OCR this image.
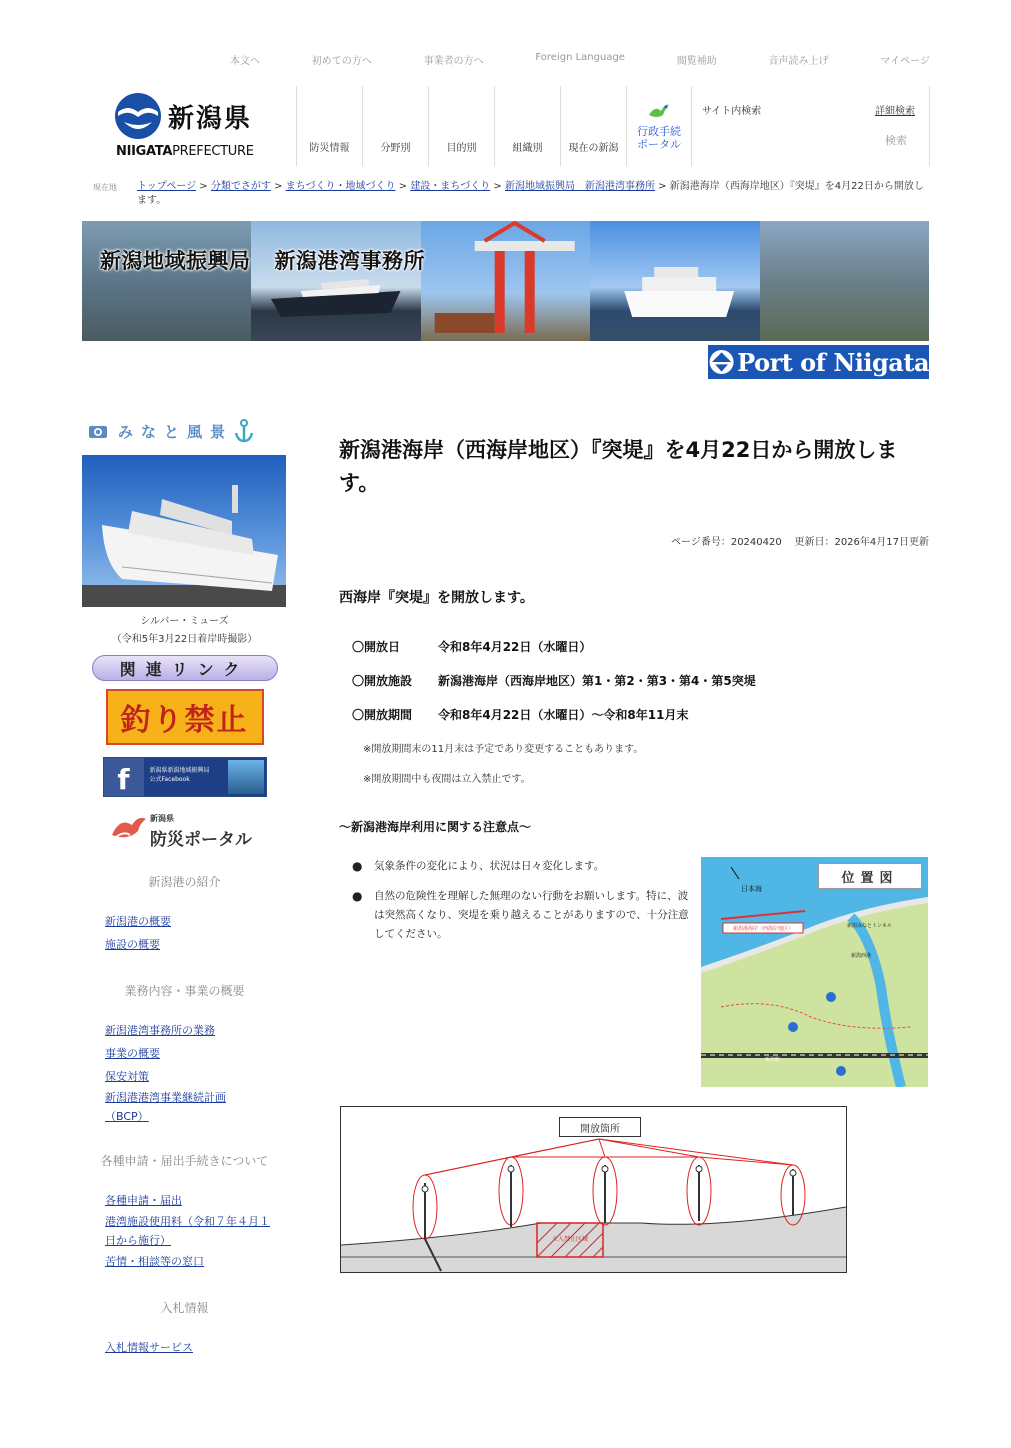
本文へ	初めての方へ	事業者の方へ	Foreign Language	閲覧補助	音声読み上げ	マイページ
新潟県
NIIGATAPREFECTURE	防災情報	分野別	目的別	組織別	現在の新潟
行政手続
ポータル
サイト内検索	詳細検索
検索
現在地 トップページ > 分類でさがす > まちづくり・地域づくり > 建設・まちづくり > 新潟地域振興局　新潟港湾事務所 > 新潟港海岸（西海岸地区）『突堤』を4月22日から開放します。
新潟地域振興局 新潟港湾事務所
Port of Niigata
みなと風景
シルバー・ミューズ
（令和5年3月22日着岸時撮影）
関連リンク
釣り禁止
f	新潟県新潟地域振興局
公式Facebook
新潟県
防災ポータル
新潟港の紹介
新潟港の概要
施設の概要
業務内容・事業の概要
新潟港湾事務所の業務
事業の概要
保安対策
新潟港港湾事業継続計画（BCP）
各種申請・届出手続きについて
各種申請・届出
港湾施設使用料（令和７年４月１日から施行）
苦情・相談等の窓口
入札情報
入札情報サービス
新潟港海岸（西海岸地区）『突堤』を4月22日から開放します。
ページ番号：20240420 更新日：2026年4月17日更新
西海岸『突堤』を開放します。
〇開放日	令和8年4月22日（水曜日）
〇開放施設 新潟港海岸（西海岸地区）第1・第2・第3・第4・第5突堤
〇開放期間 令和8年4月22日（水曜日）～令和8年11月末
※開放期間末の11月末は予定であり変更することもあります。
※開放期間中も夜間は立入禁止です。
～新潟港海岸利用に関する注意点～
●	気象条件の変化により、状況は日々変化します。
●	自然の危険性を理解した無理のない行動をお願いします。特に、波は突然高くなり、突堤を乗り越えることがありますので、十分注意してください。	新潟港海岸（西海岸地区）
日本海
新潟みなとトンネル
新潟西港
新潟駅
位置図
立入禁止区域
開放箇所
